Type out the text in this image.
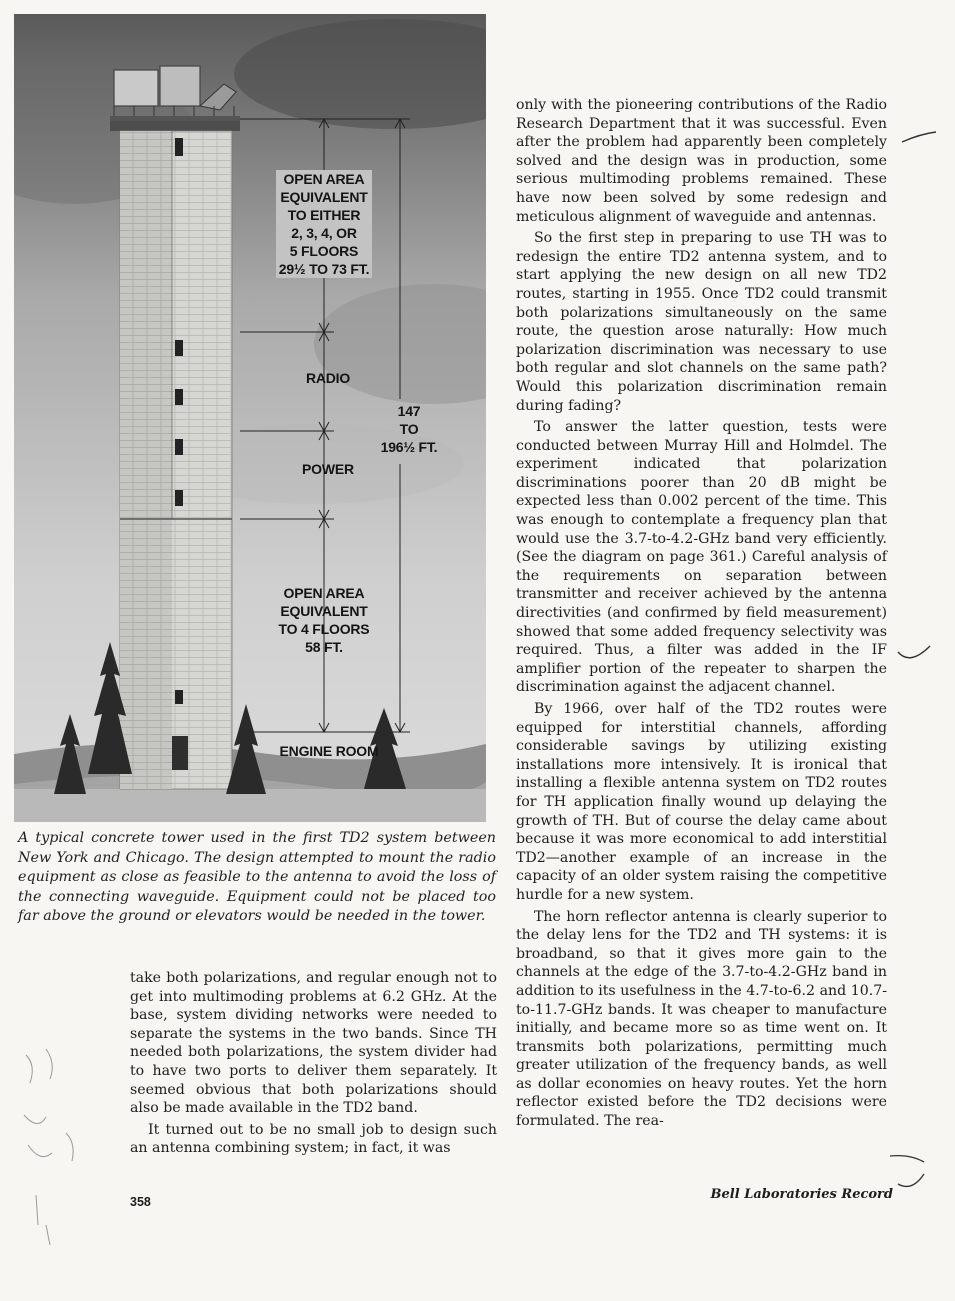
OPEN AREA
EQUIVALENT
TO EITHER
2, 3, 4, OR
5 FLOORS
29½ TO 73 FT.
RADIO
147
TO
196½ FT.
POWER
OPEN AREA
EQUIVALENT
TO 4 FLOORS
58 FT.
ENGINE ROOM
A typical concrete tower used in the first TD2 system between New York and Chicago. The design attempted to mount the radio equipment as close as feasible to the antenna to avoid the loss of the connecting waveguide. Equipment could not be placed too far above the ground or elevators would be needed in the tower.

only with the pioneering contributions of the Radio Research Department that it was successful. Even after the problem had apparently been completely solved and the design was in production, some serious multimoding problems remained. These have now been solved by some redesign and meticulous alignment of waveguide and antennas.

So the first step in preparing to use TH was to redesign the entire TD2 antenna system, and to start applying the new design on all new TD2 routes, starting in 1955. Once TD2 could transmit both polarizations simultaneously on the same route, the question arose naturally: How much polarization discrimination was necessary to use both regular and slot channels on the same path? Would this polarization discrimination remain during fading?

To answer the latter question, tests were conducted between Murray Hill and Holmdel. The experiment indicated that polarization discriminations poorer than 20 dB might be expected less than 0.002 percent of the time. This was enough to contemplate a frequency plan that would use the 3.7-to-4.2-GHz band very efficiently. (See the diagram on page 361.) Careful analysis of the requirements on separation between transmitter and receiver achieved by the antenna directivities (and confirmed by field measurement) showed that some added frequency selectivity was required. Thus, a filter was added in the IF amplifier portion of the repeater to sharpen the discrimination against the adjacent channel.

By 1966, over half of the TD2 routes were equipped for interstitial channels, affording considerable savings by utilizing existing installations more intensively. It is ironical that installing a flexible antenna system on TD2 routes for TH application finally wound up delaying the growth of TH. But of course the delay came about because it was more economical to add interstitial TD2—another example of an increase in the capacity of an older system raising the competitive hurdle for a new system.

The horn reflector antenna is clearly superior to the delay lens for the TD2 and TH systems: it is broadband, so that it gives more gain to the channels at the edge of the 3.7-to-4.2-GHz band in addition to its usefulness in the 4.7-to-6.2 and 10.7-to-11.7-GHz bands. It was cheaper to manufacture initially, and became more so as time went on. It transmits both polarizations, permitting much greater utilization of the frequency bands, as well as dollar economies on heavy routes. Yet the horn reflector existed before the TD2 decisions were formulated. The rea-

take both polarizations, and regular enough not to get into multimoding problems at 6.2 GHz. At the base, system dividing networks were needed to separate the systems in the two bands. Since TH needed both polarizations, the system divider had to have two ports to deliver them separately. It seemed obvious that both polarizations should also be made available in the TD2 band.

It turned out to be no small job to design such an antenna combining system; in fact, it was

358	Bell Laboratories Record
